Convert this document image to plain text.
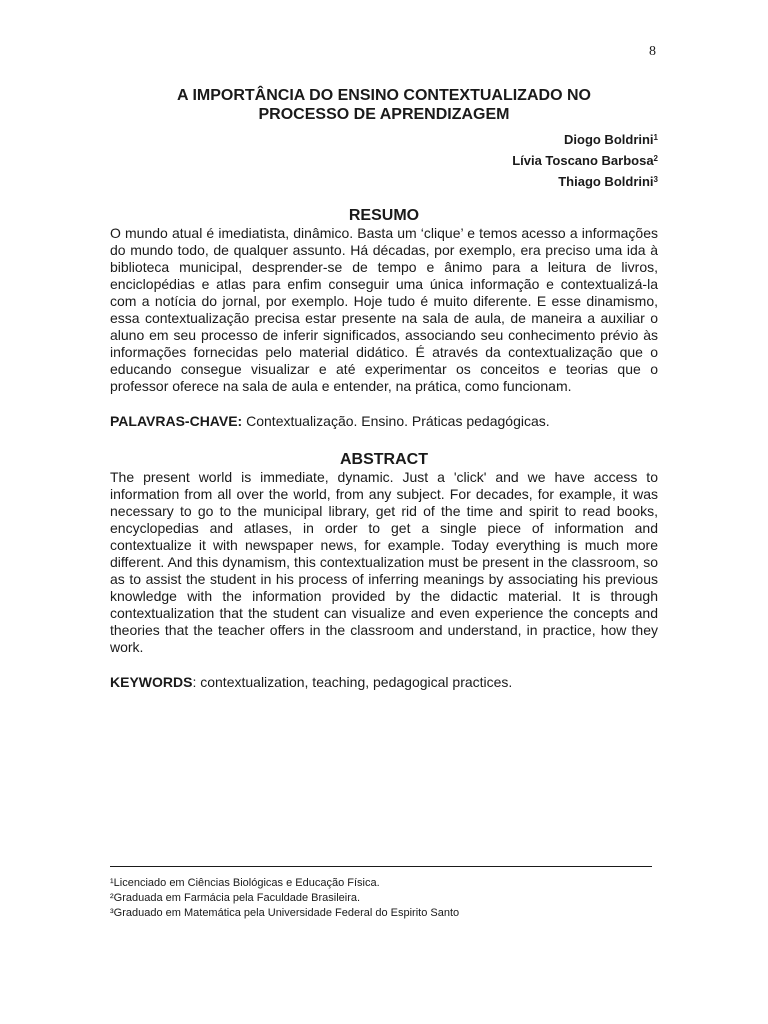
8
A IMPORTÂNCIA DO ENSINO CONTEXTUALIZADO NO
PROCESSO DE APRENDIZAGEM
Diogo Boldrini$^1$
Lívia Toscano Barbosa$^2$
Thiago Boldrini$^3$
RESUMO

O mundo atual é imediatista, dinâmico. Basta um ‘clique’ e temos acesso a informações do mundo todo, de qualquer assunto. Há décadas, por exemplo, era preciso uma ida à biblioteca municipal, desprender-se de tempo e ânimo para a leitura de livros, enciclopédias e atlas para enfim conseguir uma única informação e contextualizá-la com a notícia do jornal, por exemplo. Hoje tudo é muito diferente. E esse dinamismo, essa contextualização precisa estar presente na sala de aula, de maneira a auxiliar o aluno em seu processo de inferir significados, associando seu conhecimento prévio às informações fornecidas pelo material didático. É através da contextualização que o educando consegue visualizar e até experimentar os conceitos e teorias que o professor oferece na sala de aula e entender, na prática, como funcionam.

PALAVRAS-CHAVE: Contextualização. Ensino. Práticas pedagógicas.
ABSTRACT

The present world is immediate, dynamic. Just a 'click' and we have access to information from all over the world, from any subject. For decades, for example, it was necessary to go to the municipal library, get rid of the time and spirit to read books, encyclopedias and atlases, in order to get a single piece of information and contextualize it with newspaper news, for example. Today everything is much more different. And this dynamism, this contextualization must be present in the classroom, so as to assist the student in his process of inferring meanings by associating his previous knowledge with the information provided by the didactic material. It is through contextualization that the student can visualize and even experience the concepts and theories that the teacher offers in the classroom and understand, in practice, how they work.

KEYWORDS: contextualization, teaching, pedagogical practices.
¹Licenciado em Ciências Biológicas e Educação Física.
²Graduada em Farmácia pela Faculdade Brasileira.
³Graduado em Matemática pela Universidade Federal do Espirito Santo
